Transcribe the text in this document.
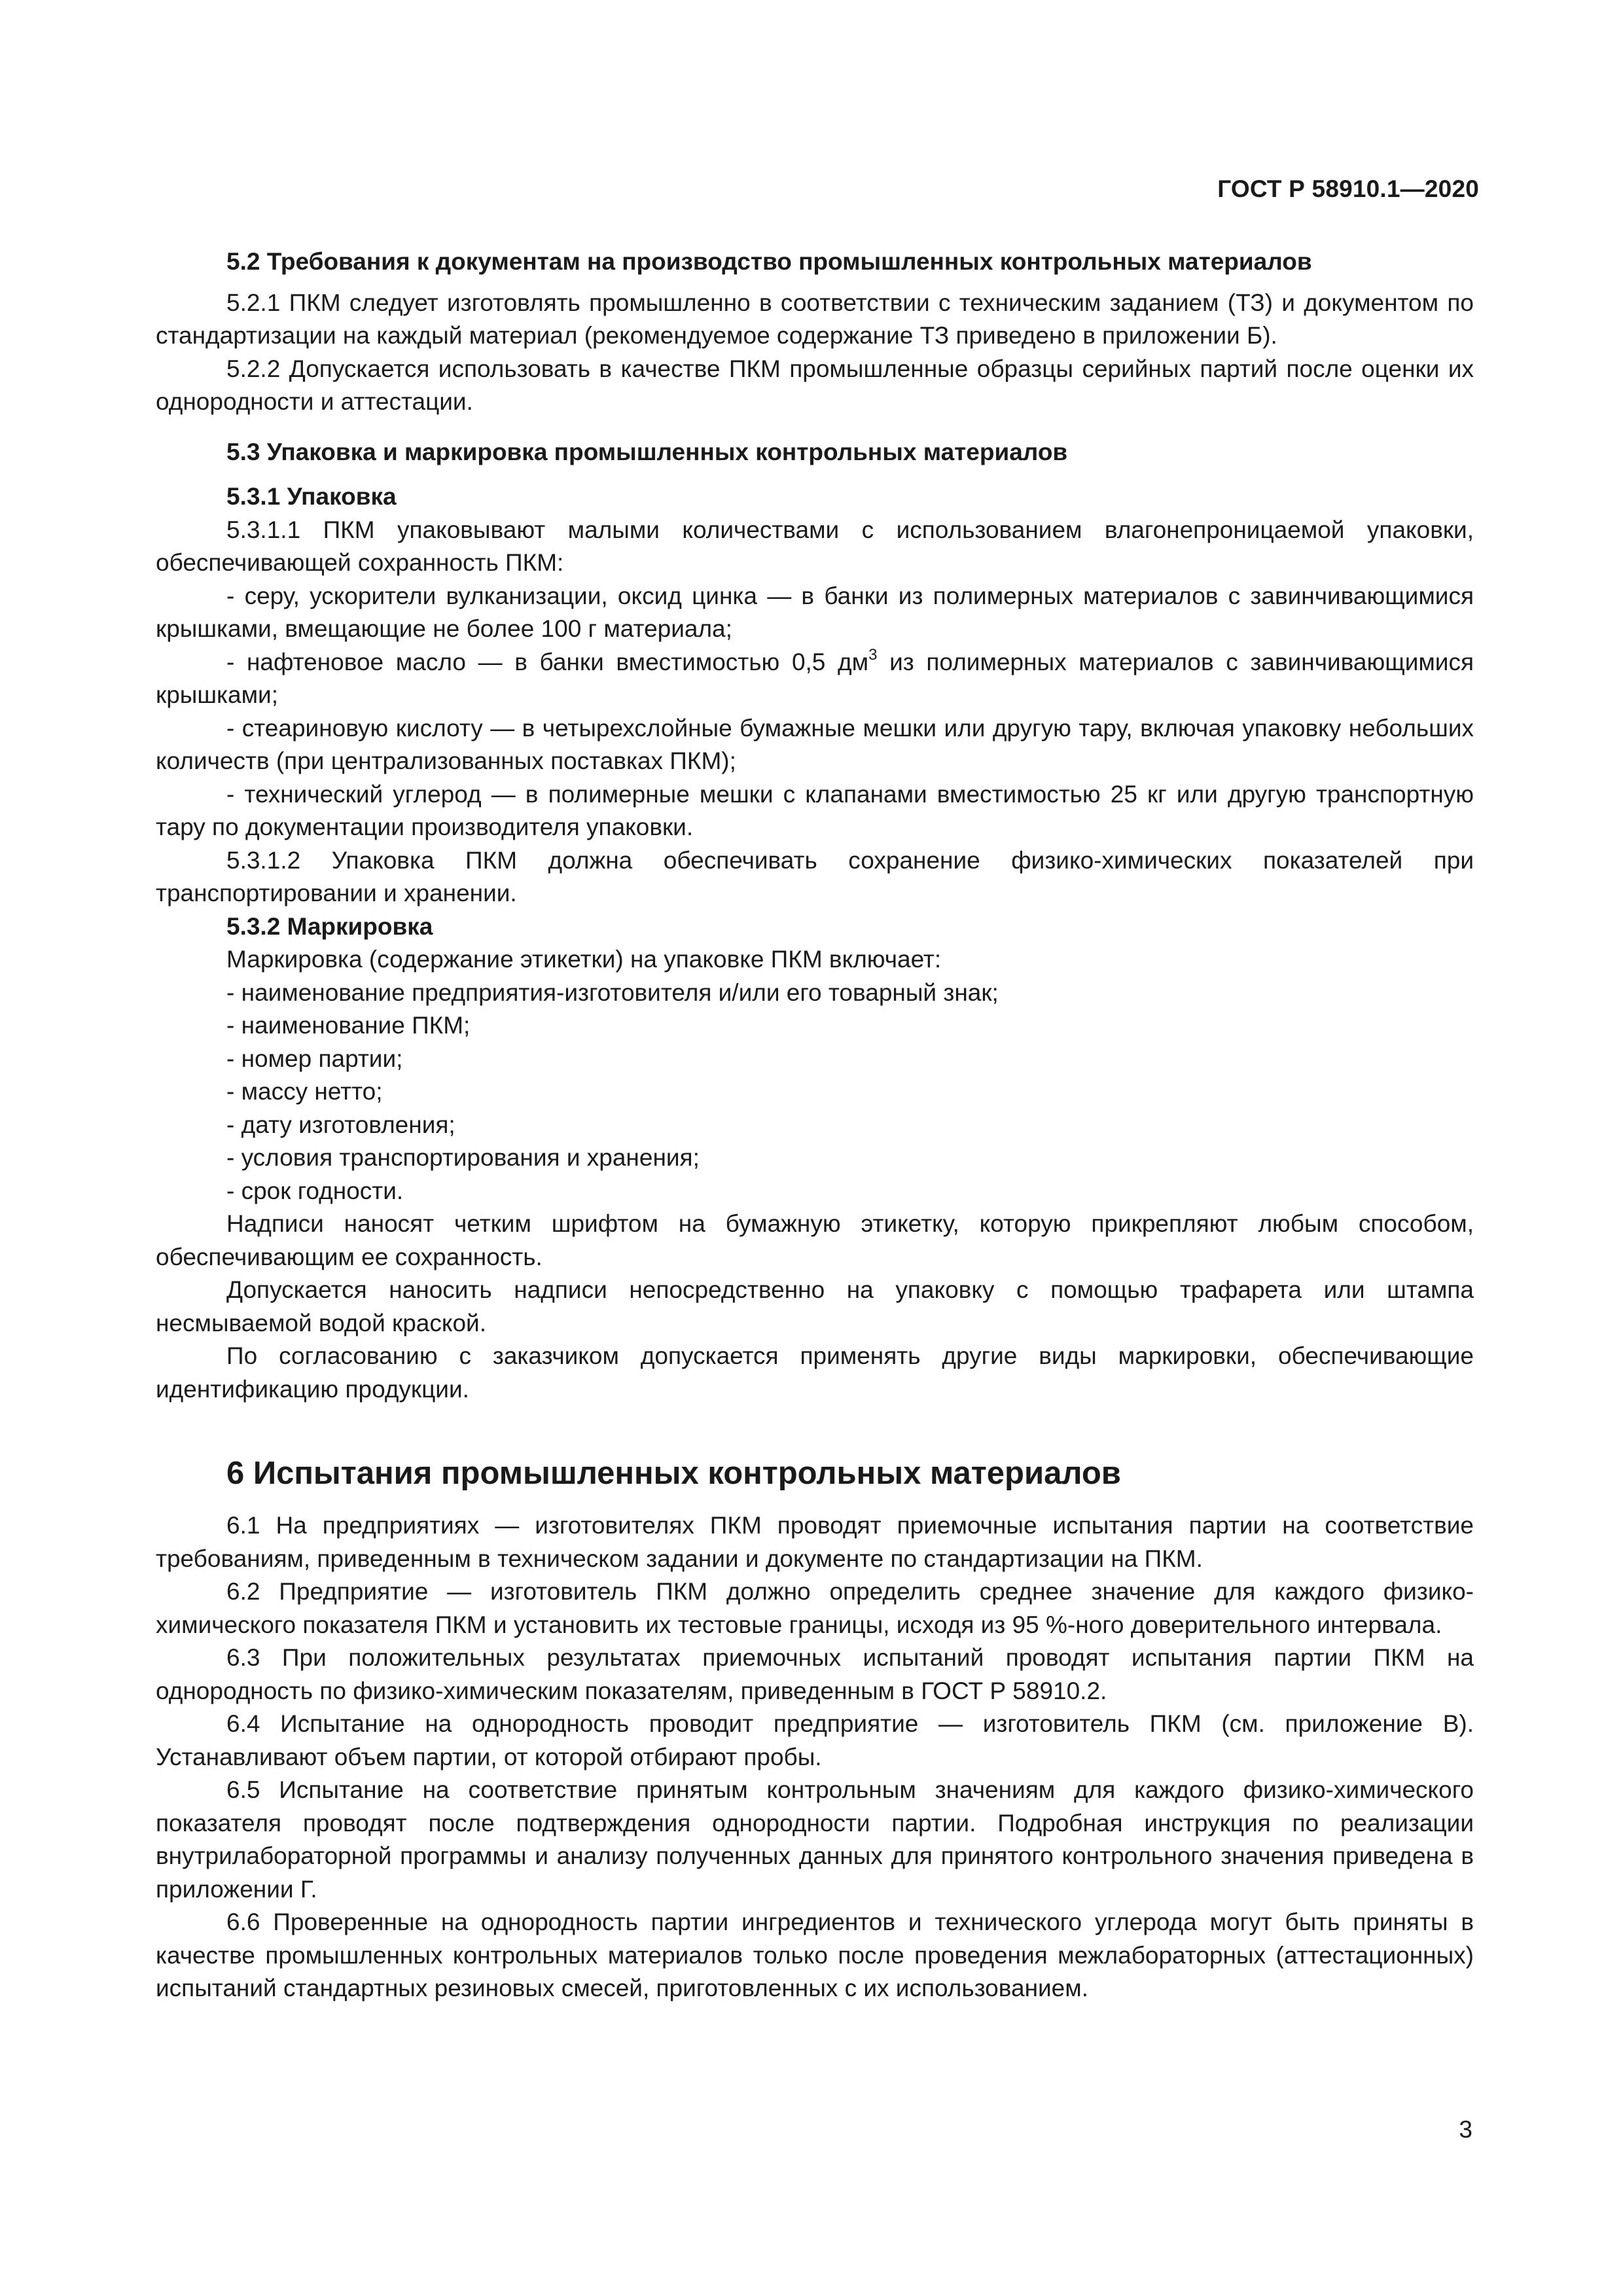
ГОСТ Р 58910.1—2020

5.2 Требования к документам на производство промышленных контрольных материалов

5.2.1 ПКМ следует изготовлять промышленно в соответствии с техническим заданием (ТЗ) и документом по стандартизации на каждый материал (рекомендуемое содержание ТЗ приведено в приложении Б).

5.2.2 Допускается использовать в качестве ПКМ промышленные образцы серийных партий после оценки их однородности и аттестации.

5.3 Упаковка и маркировка промышленных контрольных материалов

5.3.1 Упаковка

5.3.1.1 ПКМ упаковывают малыми количествами с использованием влагонепроницаемой упаковки, обеспечивающей сохранность ПКМ:

- серу, ускорители вулканизации, оксид цинка — в банки из полимерных материалов с завинчивающимися крышками, вмещающие не более 100 г материала;

- нафтеновое масло — в банки вместимостью 0,5 $дм^3$ из полимерных материалов с завинчивающимися крышками;

- стеариновую кислоту — в четырехслойные бумажные мешки или другую тару, включая упаковку небольших количеств (при централизованных поставках ПКМ);

- технический углерод — в полимерные мешки с клапанами вместимостью 25 кг или другую транспортную тару по документации производителя упаковки.

5.3.1.2 Упаковка ПКМ должна обеспечивать сохранение физико-химических показателей при транспортировании и хранении.

5.3.2 Маркировка

Маркировка (содержание этикетки) на упаковке ПКМ включает:

- наименование предприятия-изготовителя и/или его товарный знак;

- наименование ПКМ;

- номер партии;

- массу нетто;

- дату изготовления;

- условия транспортирования и хранения;

- срок годности.

Надписи наносят четким шрифтом на бумажную этикетку, которую прикрепляют любым способом, обеспечивающим ее сохранность.

Допускается наносить надписи непосредственно на упаковку с помощью трафарета или штампа несмываемой водой краской.

По согласованию с заказчиком допускается применять другие виды маркировки, обеспечивающие идентификацию продукции.

6 Испытания промышленных контрольных материалов

6.1 На предприятиях — изготовителях ПКМ проводят приемочные испытания партии на соответствие требованиям, приведенным в техническом задании и документе по стандартизации на ПКМ.

6.2 Предприятие — изготовитель ПКМ должно определить среднее значение для каждого физико-химического показателя ПКМ и установить их тестовые границы, исходя из 95 %-ного доверительного интервала.

6.3 При положительных результатах приемочных испытаний проводят испытания партии ПКМ на однородность по физико-химическим показателям, приведенным в ГОСТ Р 58910.2.

6.4 Испытание на однородность проводит предприятие — изготовитель ПКМ (см. приложение В). Устанавливают объем партии, от которой отбирают пробы.

6.5 Испытание на соответствие принятым контрольным значениям для каждого физико-химического показателя проводят после подтверждения однородности партии. Подробная инструкция по реализации внутрилабораторной программы и анализу полученных данных для принятого контрольного значения приведена в приложении Г.

6.6 Проверенные на однородность партии ингредиентов и технического углерода могут быть приняты в качестве промышленных контрольных материалов только после проведения межлабораторных (аттестационных) испытаний стандартных резиновых смесей, приготовленных с их использованием.

3
